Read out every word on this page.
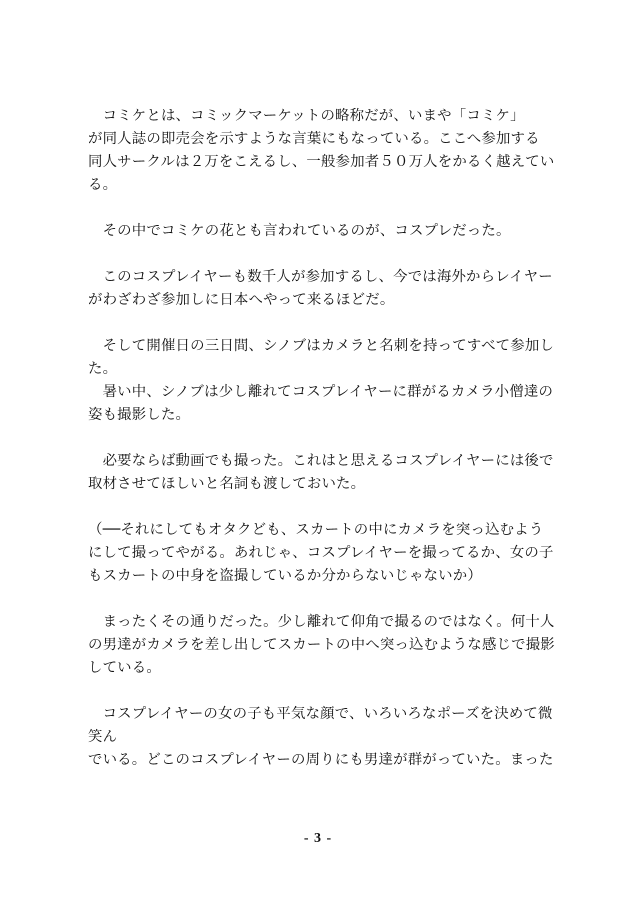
　コミケとは、コミックマーケットの略称だが、いまや「コミケ」
が同人誌の即売会を示すような言葉にもなっている。ここへ参加する
同人サークルは２万をこえるし、一般参加者５０万人をかるく越えてい
る。
　その中でコミケの花とも言われているのが、コスプレだった。
　このコスプレイヤーも数千人が参加するし、今では海外からレイヤー
がわざわざ参加しに日本へやって来るほどだ。
　そして開催日の三日間、シノブはカメラと名刺を持ってすべて参加し
た。
　暑い中、シノブは少し離れてコスプレイヤーに群がるカメラ小僧達の
姿も撮影した。
　必要ならば動画でも撮った。これはと思えるコスプレイヤーには後で
取材させてほしいと名詞も渡しておいた。
（──それにしてもオタクども、スカートの中にカメラを突っ込むよう
にして撮ってやがる。あれじゃ、コスプレイヤーを撮ってるか、女の子
もスカートの中身を盗撮しているか分からないじゃないか）
　まったくその通りだった。少し離れて仰角で撮るのではなく。何十人
の男達がカメラを差し出してスカートの中へ突っ込むような感じで撮影
している。
　コスプレイヤーの女の子も平気な顔で、いろいろなポーズを決めて微
笑ん
でいる。どこのコスプレイヤーの周りにも男達が群がっていた。まった
- 3 -
